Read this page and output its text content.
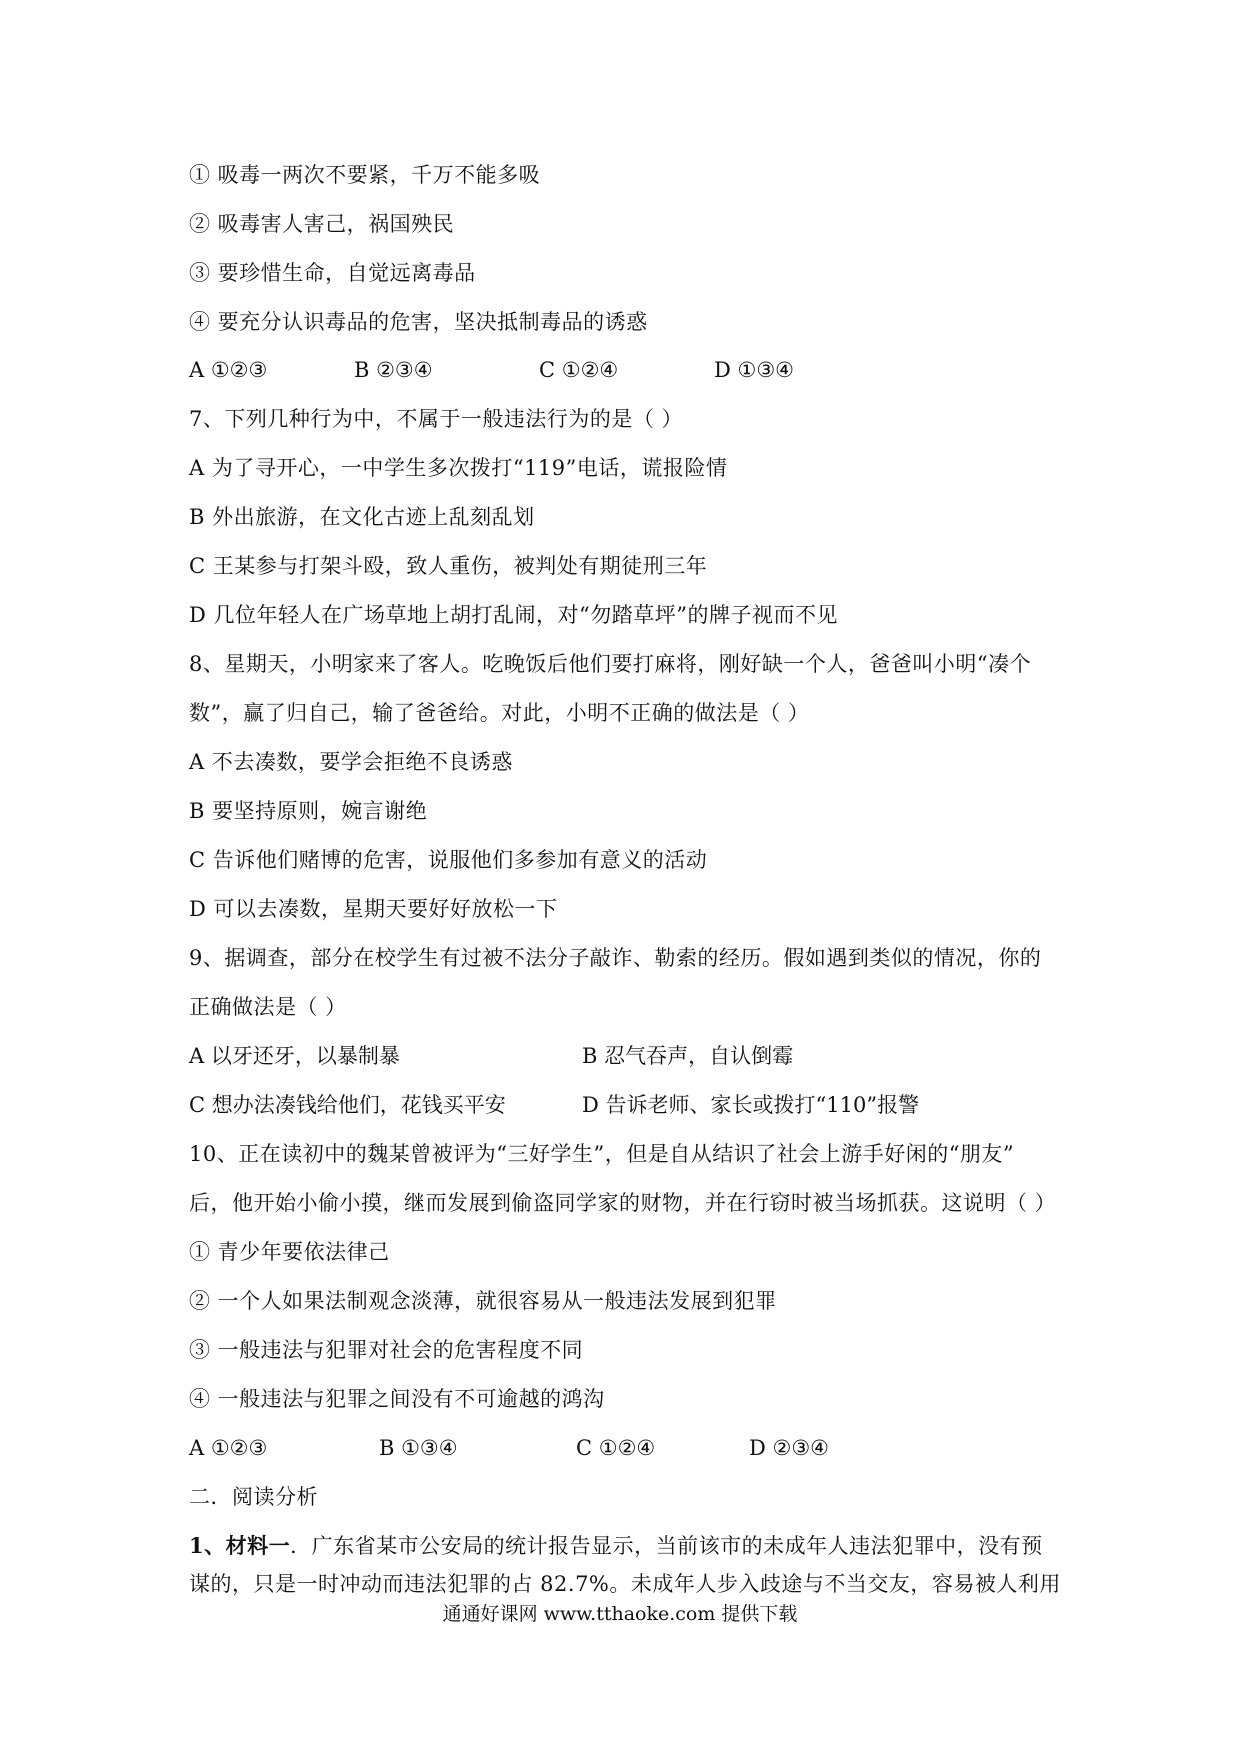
① 吸毒一两次不要紧，千万不能多吸
② 吸毒害人害己，祸国殃民
③ 要珍惜生命，自觉远离毒品
④ 要充分认识毒品的危害，坚决抵制毒品的诱惑
A ①②③	B ②③④	C ①②④	D ①③④
7、下列几种行为中，不属于一般违法行为的是（ ）
A 为了寻开心，一中学生多次拨打“119”电话，谎报险情
B 外出旅游，在文化古迹上乱刻乱划
C 王某参与打架斗殴，致人重伤，被判处有期徒刑三年
D 几位年轻人在广场草地上胡打乱闹，对“勿踏草坪”的牌子视而不见
8、星期天，小明家来了客人。吃晚饭后他们要打麻将，刚好缺一个人，爸爸叫小明“凑个
数”，赢了归自己，输了爸爸给。对此，小明不正确的做法是（ ）
A 不去凑数，要学会拒绝不良诱惑
B 要坚持原则，婉言谢绝
C 告诉他们赌博的危害，说服他们多参加有意义的活动
D 可以去凑数，星期天要好好放松一下
9、据调查，部分在校学生有过被不法分子敲诈、勒索的经历。假如遇到类似的情况，你的
正确做法是（ ）
A 以牙还牙，以暴制暴	B 忍气吞声，自认倒霉
C 想办法凑钱给他们，花钱买平安	D 告诉老师、家长或拨打“110”报警
10、正在读初中的魏某曾被评为“三好学生”，但是自从结识了社会上游手好闲的“朋友”
后，他开始小偷小摸，继而发展到偷盗同学家的财物，并在行窃时被当场抓获。这说明（ ）
① 青少年要依法律己
② 一个人如果法制观念淡薄，就很容易从一般违法发展到犯罪
③ 一般违法与犯罪对社会的危害程度不同
④ 一般违法与犯罪之间没有不可逾越的鸿沟
A ①②③	B ①③④	C ①②④	D ②③④
二．阅读分析
1、材料一．广东省某市公安局的统计报告显示，当前该市的未成年人违法犯罪中，没有预
谋的，只是一时冲动而违法犯罪的占 82.7%。未成年人步入歧途与不当交友，容易被人利用
通通好课网 www.tthaoke.com 提供下载
